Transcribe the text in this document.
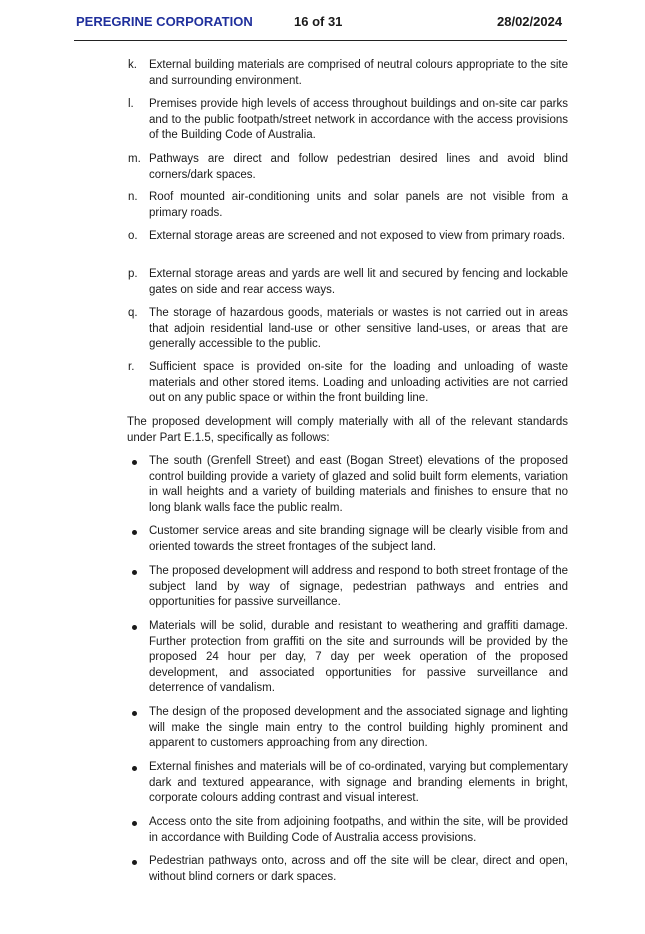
PEREGRINE CORPORATION	16 of 31	28/02/2024
k.	External building materials are comprised of neutral colours appropriate to the site and surrounding environment.
l.	Premises provide high levels of access throughout buildings and on-site car parks and to the public footpath/street network in accordance with the access provisions of the Building Code of Australia.
m. Pathways are direct and follow pedestrian desired lines and avoid blind corners/dark spaces.
n. Roof mounted air-conditioning units and solar panels are not visible from a primary roads.
o. External storage areas are screened and not exposed to view from primary roads.
p. External storage areas and yards are well lit and secured by fencing and lockable gates on side and rear access ways.
q. The storage of hazardous goods, materials or wastes is not carried out in areas that adjoin residential land-use or other sensitive land-uses, or areas that are generally accessible to the public.
r.	Sufficient space is provided on-site for the loading and unloading of waste materials and other stored items. Loading and unloading activities are not carried out on any public space or within the front building line.
The proposed development will comply materially with all of the relevant standards under Part E.1.5, specifically as follows:
The south (Grenfell Street) and east (Bogan Street) elevations of the proposed control building provide a variety of glazed and solid built form elements, variation in wall heights and a variety of building materials and finishes to ensure that no long blank walls face the public realm.
Customer service areas and site branding signage will be clearly visible from and oriented towards the street frontages of the subject land.
The proposed development will address and respond to both street frontage of the subject land by way of signage, pedestrian pathways and entries and opportunities for passive surveillance.
Materials will be solid, durable and resistant to weathering and graffiti damage. Further protection from graffiti on the site and surrounds will be provided by the proposed 24 hour per day, 7 day per week operation of the proposed development, and associated opportunities for passive surveillance and deterrence of vandalism.
The design of the proposed development and the associated signage and lighting will make the single main entry to the control building highly prominent and apparent to customers approaching from any direction.
External finishes and materials will be of co-ordinated, varying but complementary dark and textured appearance, with signage and branding elements in bright, corporate colours adding contrast and visual interest.
Access onto the site from adjoining footpaths, and within the site, will be provided in accordance with Building Code of Australia access provisions.
Pedestrian pathways onto, across and off the site will be clear, direct and open, without blind corners or dark spaces.
